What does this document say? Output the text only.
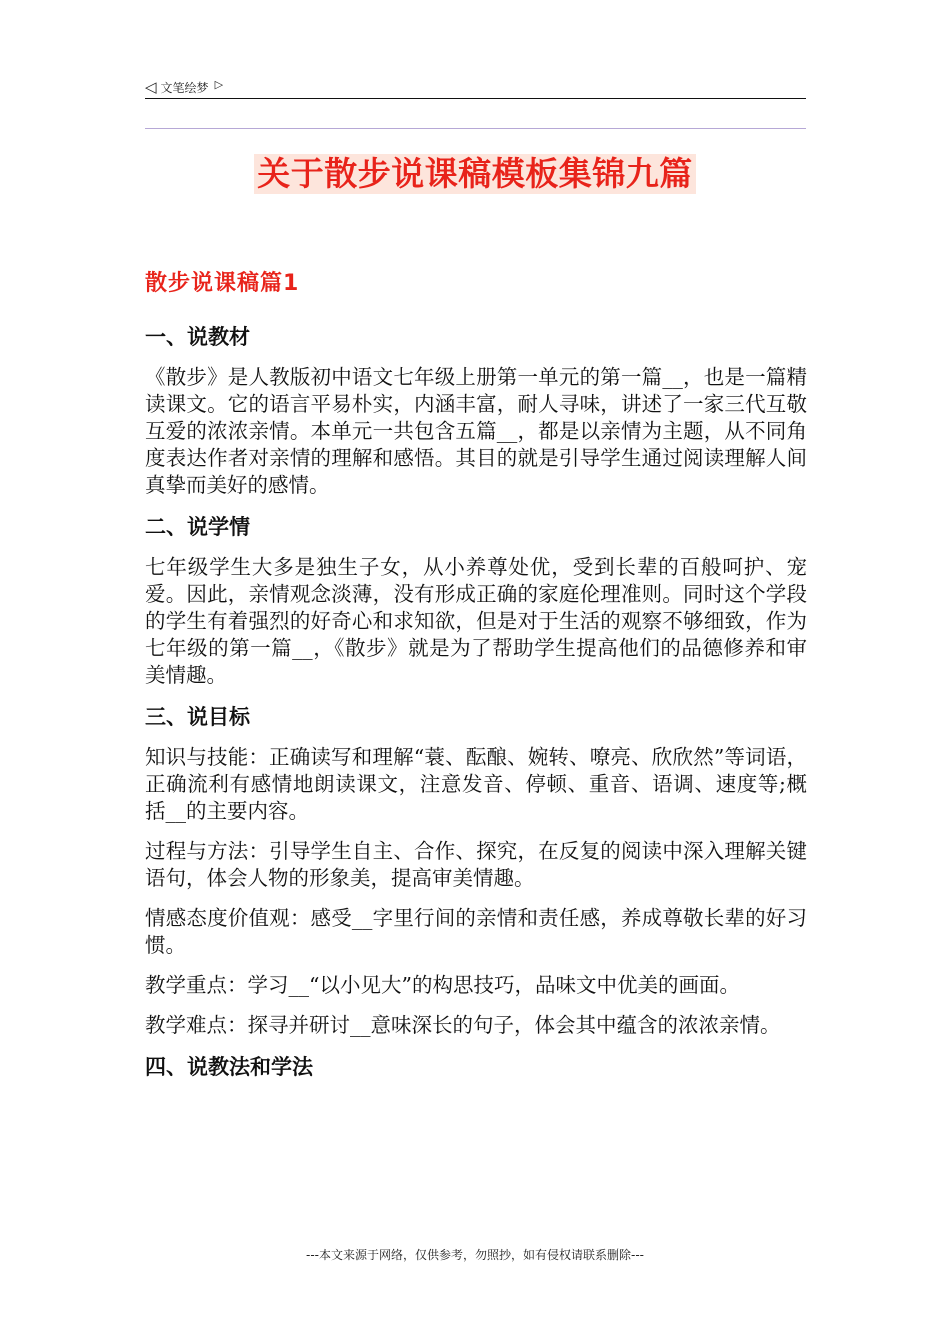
◁ 文笔绘梦 ▷
关于散步说课稿模板集锦九篇
散步说课稿篇1
一、说教材
《散步》是人教版初中语文七年级上册第一单元的第一篇__，也是一篇精读课文。它的语言平易朴实，内涵丰富，耐人寻味，讲述了一家三代互敬互爱的浓浓亲情。本单元一共包含五篇__，都是以亲情为主题，从不同角度表达作者对亲情的理解和感悟。其目的就是引导学生通过阅读理解人间真挚而美好的感情。
二、说学情
七年级学生大多是独生子女，从小养尊处优，受到长辈的百般呵护、宠爱。因此，亲情观念淡薄，没有形成正确的家庭伦理准则。同时这个学段的学生有着强烈的好奇心和求知欲，但是对于生活的观察不够细致，作为七年级的第一篇__，《散步》就是为了帮助学生提高他们的品德修养和审美情趣。
三、说目标
知识与技能：正确读写和理解“蓑、酝酿、婉转、嘹亮、欣欣然”等词语，正确流利有感情地朗读课文，注意发音、停顿、重音、语调、速度等;概括__的主要内容。
过程与方法：引导学生自主、合作、探究，在反复的阅读中深入理解关键语句，体会人物的形象美，提高审美情趣。
情感态度价值观：感受__字里行间的亲情和责任感，养成尊敬长辈的好习惯。
教学重点：学习__“以小见大”的构思技巧，品味文中优美的画面。
教学难点：探寻并研讨__意味深长的句子，体会其中蕴含的浓浓亲情。
四、说教法和学法
---本文来源于网络，仅供参考，勿照抄，如有侵权请联系删除---
